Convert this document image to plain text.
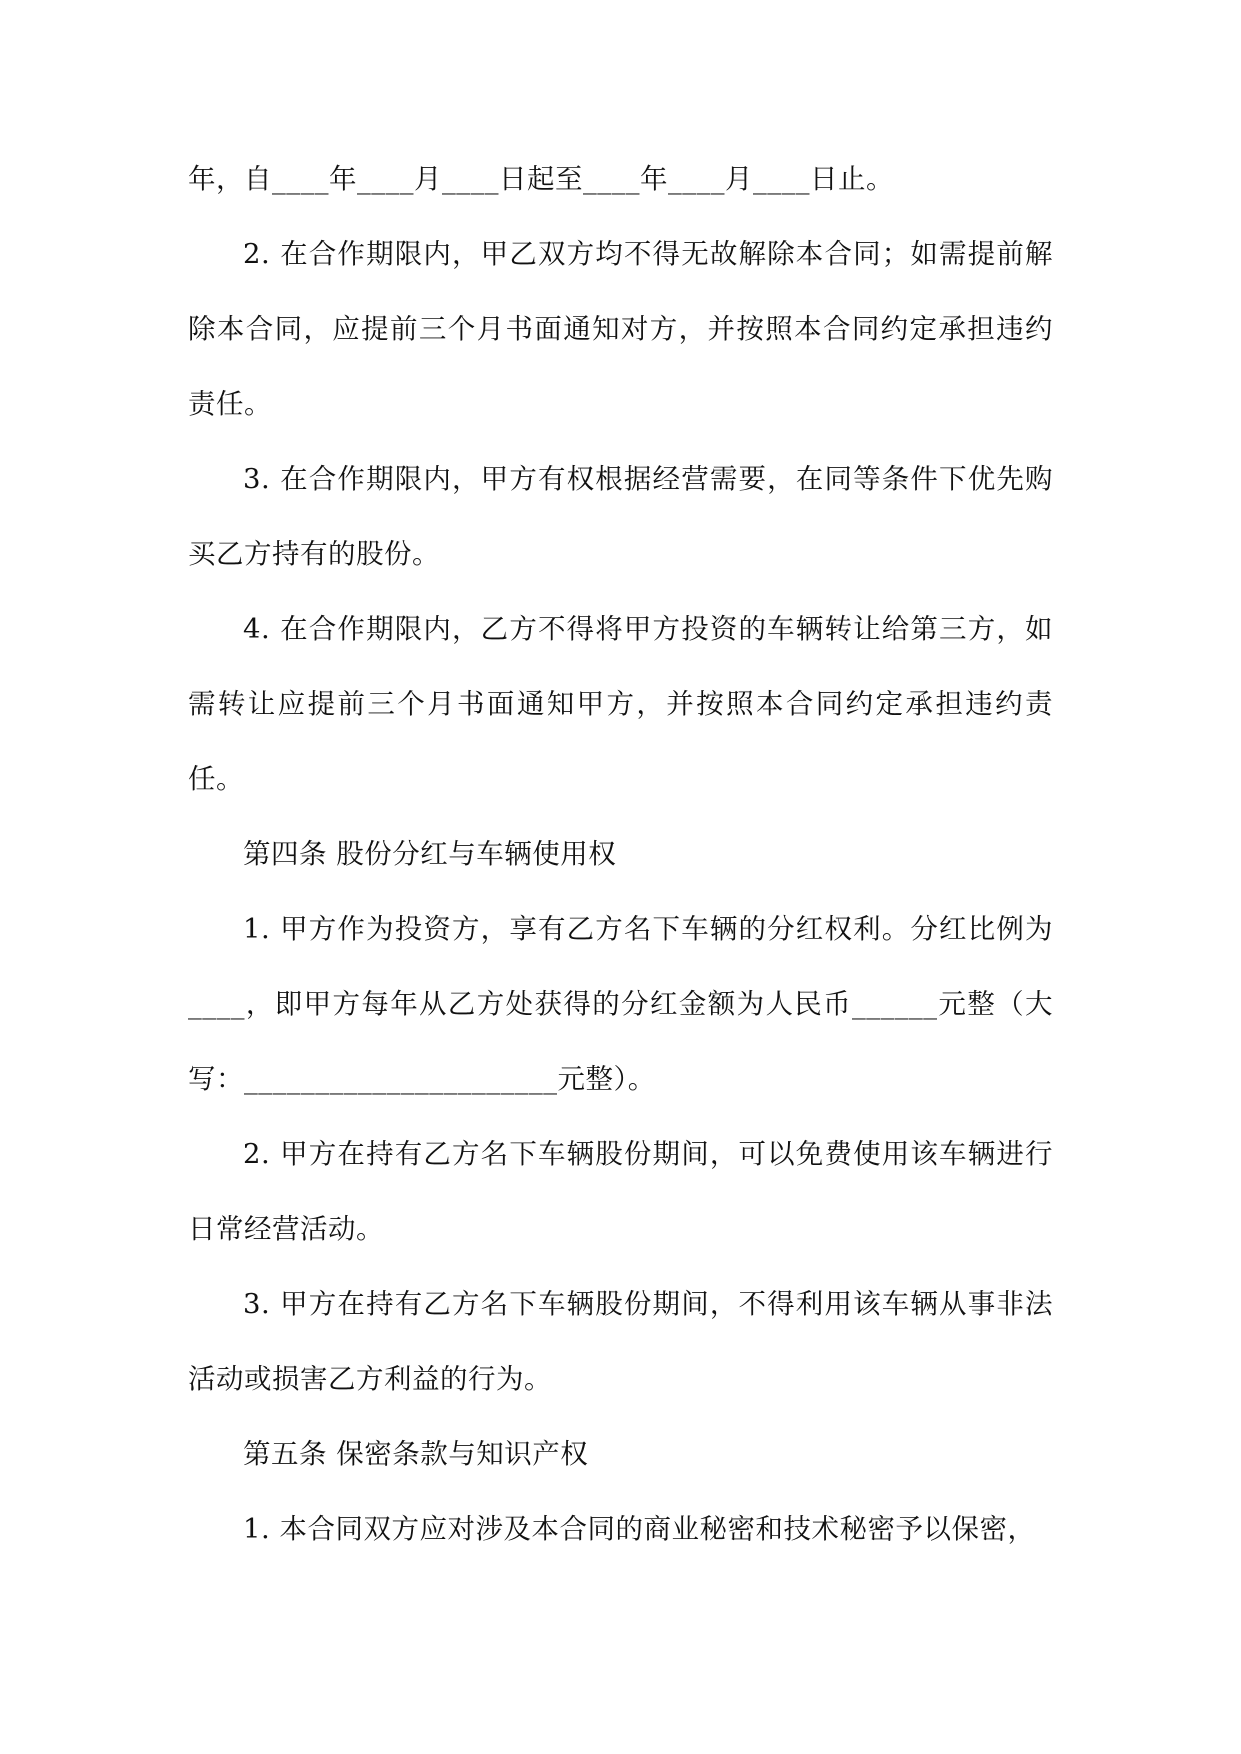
年，自____年____月____日起至____年____月____日止。

2. 在合作期限内，甲乙双方均不得无故解除本合同；如需提前解除本合同，应提前三个月书面通知对方，并按照本合同约定承担违约责任。

3. 在合作期限内，甲方有权根据经营需要，在同等条件下优先购买乙方持有的股份。

4. 在合作期限内，乙方不得将甲方投资的车辆转让给第三方，如需转让应提前三个月书面通知甲方，并按照本合同约定承担违约责任。

第四条 股份分红与车辆使用权

1. 甲方作为投资方，享有乙方名下车辆的分红权利。分红比例为____，即甲方每年从乙方处获得的分红金额为人民币______元整（大写：______________________元整）。

2. 甲方在持有乙方名下车辆股份期间，可以免费使用该车辆进行日常经营活动。

3. 甲方在持有乙方名下车辆股份期间，不得利用该车辆从事非法活动或损害乙方利益的行为。

第五条 保密条款与知识产权

1. 本合同双方应对涉及本合同的商业秘密和技术秘密予以保密，
